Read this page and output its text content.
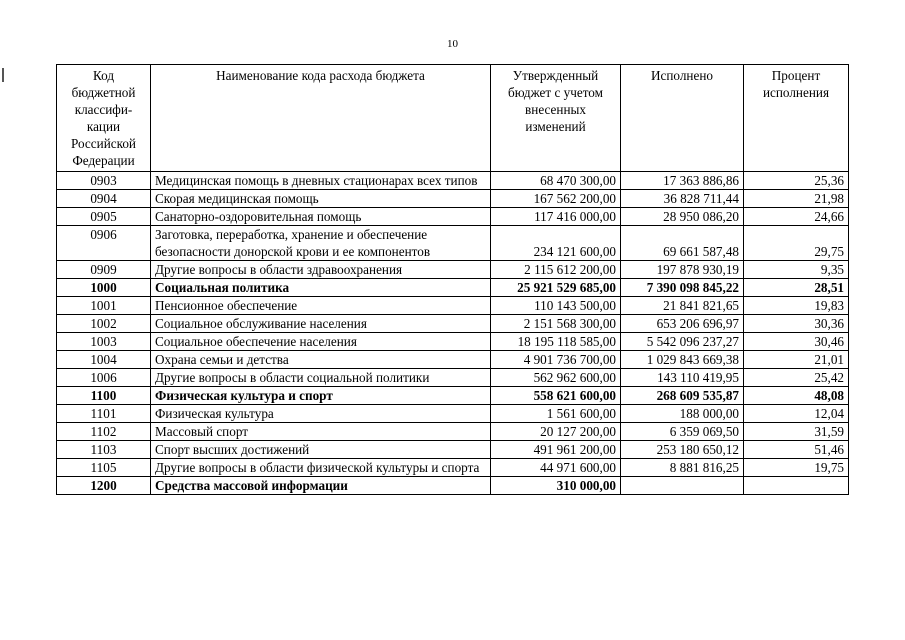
10
Код бюджетной классифи- кации Российской Федерации	Наименование кода расхода бюджета	Утвержденный бюджет с учетом внесенных изменений	Исполнено	Процент исполнения
0903	Медицинская помощь в дневных стационарах всех типов	68 470 300,00	17 363 886,86	25,36
0904	Скорая медицинская помощь	167 562 200,00	36 828 711,44	21,98
0905	Санаторно-оздоровительная помощь	117 416 000,00	28 950 086,20	24,66
0906	Заготовка, переработка, хранение и обеспечение безопасности донорской крови и ее компонентов	234 121 600,00	69 661 587,48	29,75
0909	Другие вопросы в области здравоохранения	2 115 612 200,00	197 878 930,19	9,35
1000	Социальная политика	25 921 529 685,00	7 390 098 845,22	28,51
1001	Пенсионное обеспечение	110 143 500,00	21 841 821,65	19,83
1002	Социальное обслуживание населения	2 151 568 300,00	653 206 696,97	30,36
1003	Социальное обеспечение населения	18 195 118 585,00	5 542 096 237,27	30,46
1004	Охрана семьи и детства	4 901 736 700,00	1 029 843 669,38	21,01
1006	Другие вопросы в области социальной политики	562 962 600,00	143 110 419,95	25,42
1100	Физическая культура и спорт	558 621 600,00	268 609 535,87	48,08
1101	Физическая культура	1 561 600,00	188 000,00	12,04
1102	Массовый спорт	20 127 200,00	6 359 069,50	31,59
1103	Спорт высших достижений	491 961 200,00	253 180 650,12	51,46
1105	Другие вопросы в области физической культуры и спорта	44 971 600,00	8 881 816,25	19,75
1200	Средства массовой информации	310 000,00		
